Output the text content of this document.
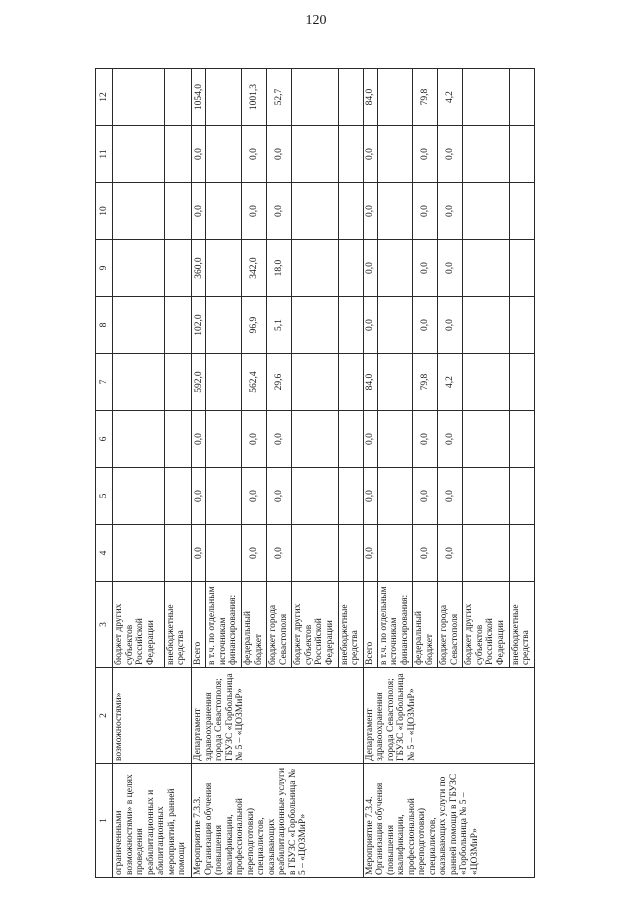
120
1	2	3	4	5	6	7	8	9	10	11	12
ограниченными возможностями» в целях проведения реабилитационных и абилитационных мероприятий, ранней помощи	возможностями»	бюджет других субъектов Российской Федерации									
		внебюджетные средства									
Мероприятие 7.3.3. Организация обучения (повышения квалификации, профессиональной переподготовки) специалистов, оказывающих реабилитационные услуги в ГБУЗС «Горбольница № 5 – «ЦОЗМиР»	Департамент здравоохранения города Севастополя; ГБУЗС «Горбольница № 5 – «ЦОЗМиР»	Всего	0,0	0,0	0,0	592,0	102,0	360,0	0,0	0,0	1054,0
		в т.ч. по отдельным источникам финансирования:									
		федеральный бюджет	0,0	0,0	0,0	562,4	96,9	342,0	0,0	0,0	1001,3
		бюджет города Севастополя	0,0	0,0	0,0	29,6	5,1	18,0	0,0	0,0	52,7
		бюджет других субъектов Российской Федерации									
		внебюджетные средства									
Мероприятие 7.3.4. Организация обучения (повышения квалификации, профессиональной переподготовки) специалистов, оказывающих услуги по ранней помощи в ГБУЗС «Горбольница № 5 – «ЦОЗМиР»	Департамент здравоохранения города Севастополя; ГБУЗС «Горбольница № 5 – «ЦОЗМиР»	Всего	0,0	0,0	0,0	84,0	0,0	0,0	0,0	0,0	84,0
		в т.ч. по отдельным источникам финансирования:									
		федеральный бюджет	0,0	0,0	0,0	79,8	0,0	0,0	0,0	0,0	79,8
		бюджет города Севастополя	0,0	0,0	0,0	4,2	0,0	0,0	0,0	0,0	4,2
		бюджет других субъектов Российской Федерации									
		внебюджетные средства									
